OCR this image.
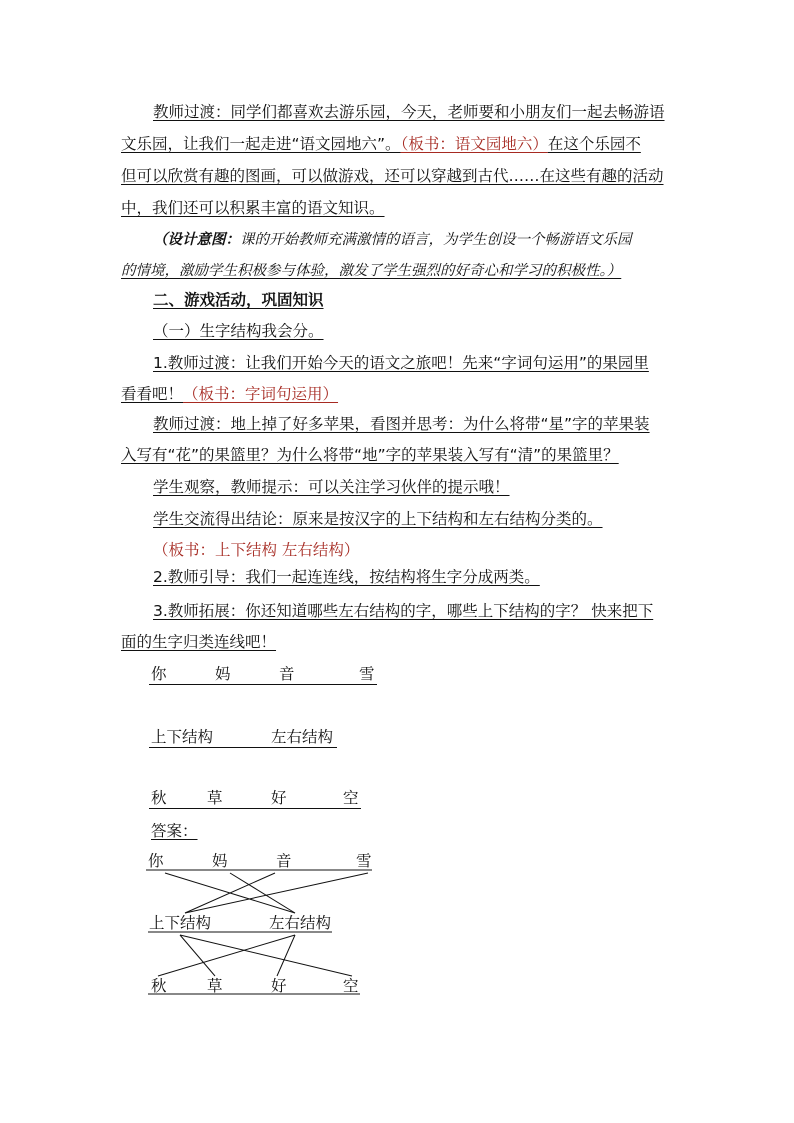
教师过渡：同学们都喜欢去游乐园，今天，老师要和小朋友们一起去畅游语
文乐园，让我们一起走进“语文园地六”。（板书：语文园地六）在这个乐园不
但可以欣赏有趣的图画，可以做游戏，还可以穿越到古代……在这些有趣的活动
中，我们还可以积累丰富的语文知识。
（设计意图：课的开始教师充满激情的语言，为学生创设一个畅游语文乐园
的情境，激励学生积极参与体验，激发了学生强烈的好奇心和学习的积极性。）
二、游戏活动，巩固知识
（一）生字结构我会分。
1.教师过渡：让我们开始今天的语文之旅吧！先来“字词句运用”的果园里
看看吧！（板书：字词句运用）
教师过渡：地上掉了好多苹果，看图并思考：为什么将带“星”字的苹果装
入写有“花”的果篮里？为什么将带“地”字的苹果装入写有“清”的果篮里？
学生观察，教师提示：可以关注学习伙伴的提示哦！
学生交流得出结论：原来是按汉字的上下结构和左右结构分类的。
（板书：上下结构 左右结构）
2.教师引导：我们一起连连线，按结构将生字分成两类。
3.教师拓展：你还知道哪些左右结构的字，哪些上下结构的字？ 快来把下
面的生字归类连线吧！
你	妈	音	雪
上下结构	左右结构
秋	草	好	空
答案：
你	妈	音	雪
上下结构	左右结构
秋	草	好	空
